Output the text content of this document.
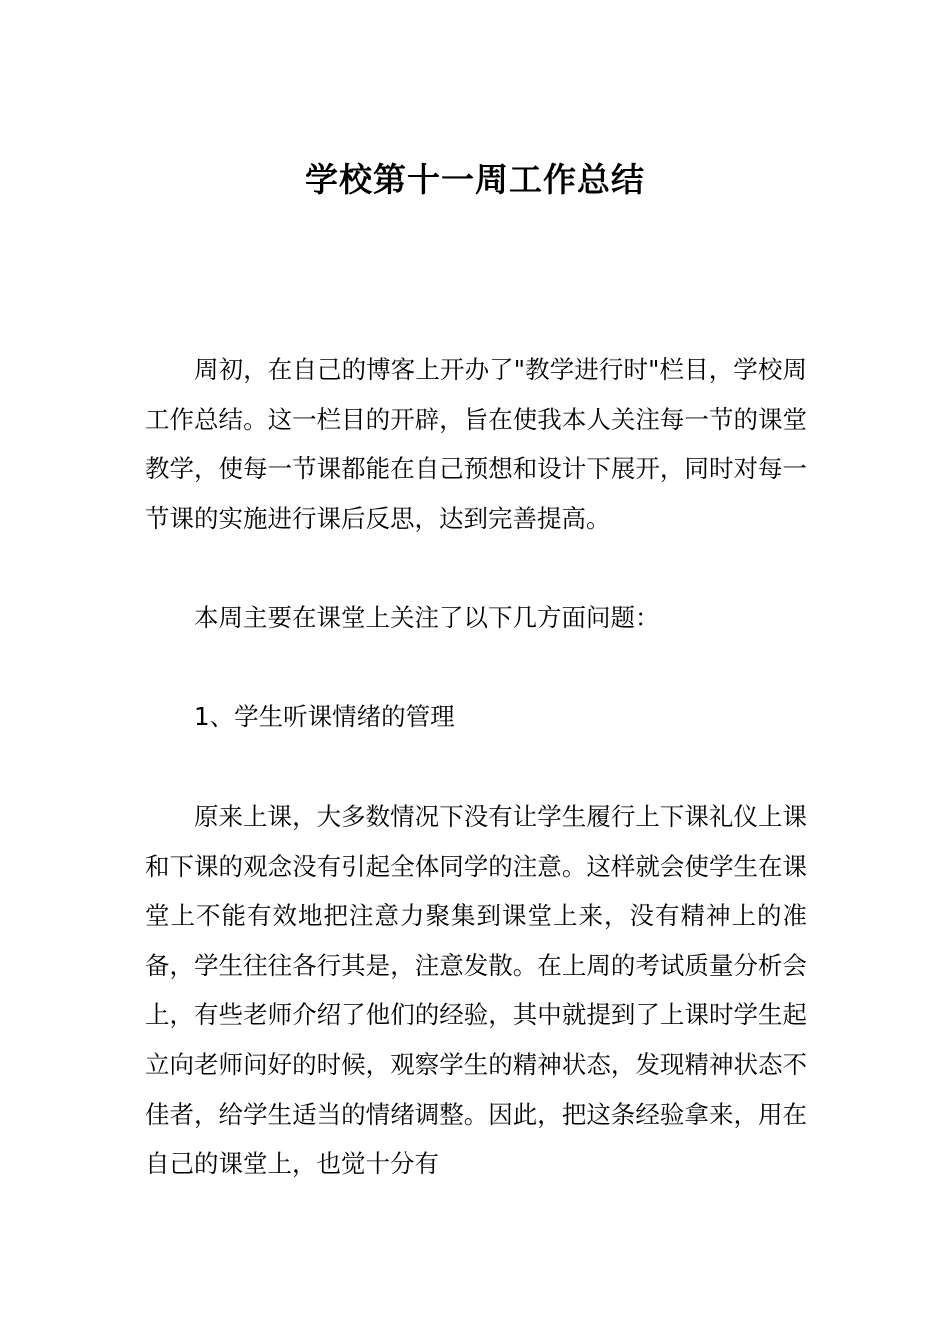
学校第十一周工作总结

周初，在自己的博客上开办了"教学进行时"栏目，学校周工作总结。这一栏目的开辟，旨在使我本人关注每一节的课堂教学，使每一节课都能在自己预想和设计下展开，同时对每一节课的实施进行课后反思，达到完善提高。

本周主要在课堂上关注了以下几方面问题：

1、学生听课情绪的管理

原来上课，大多数情况下没有让学生履行上下课礼仪上课和下课的观念没有引起全体同学的注意。这样就会使学生在课堂上不能有效地把注意力聚集到课堂上来，没有精神上的准备，学生往往各行其是，注意发散。在上周的考试质量分析会上，有些老师介绍了他们的经验，其中就提到了上课时学生起立向老师问好的时候，观察学生的精神状态，发现精神状态不佳者，给学生适当的情绪调整。因此，把这条经验拿来，用在自己的课堂上，也觉十分有
